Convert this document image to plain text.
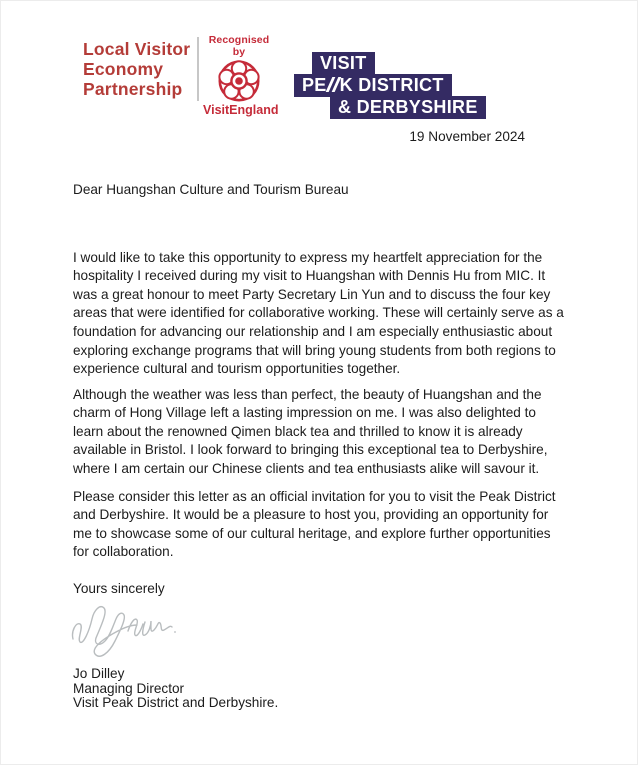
Local Visitor
Economy
Partnership
Recognised by
VisitEngland
VISIT
PE K DISTRICT
& DERBYSHIRE
19 November 2024
Dear Huangshan Culture and Tourism Bureau

I would like to take this opportunity to express my heartfelt appreciation for the hospitality I received during my visit to Huangshan with Dennis Hu from MIC. It was a great honour to meet Party Secretary Lin Yun and to discuss the four key areas that were identified for collaborative working. These will certainly serve as a foundation for advancing our relationship and I am especially enthusiastic about exploring exchange programs that will bring young students from both regions to experience cultural and tourism opportunities together.

Although the weather was less than perfect, the beauty of Huangshan and the charm of Hong Village left a lasting impression on me. I was also delighted to learn about the renowned Qimen black tea and thrilled to know it is already available in Bristol. I look forward to bringing this exceptional tea to Derbyshire, where I am certain our Chinese clients and tea enthusiasts alike will savour it.

Please consider this letter as an official invitation for you to visit the Peak District and Derbyshire. It would be a pleasure to host you, providing an opportunity for me to showcase some of our cultural heritage, and explore further opportunities for collaboration.

Yours sincerely
Jo Dilley
Managing Director
Visit Peak District and Derbyshire.
